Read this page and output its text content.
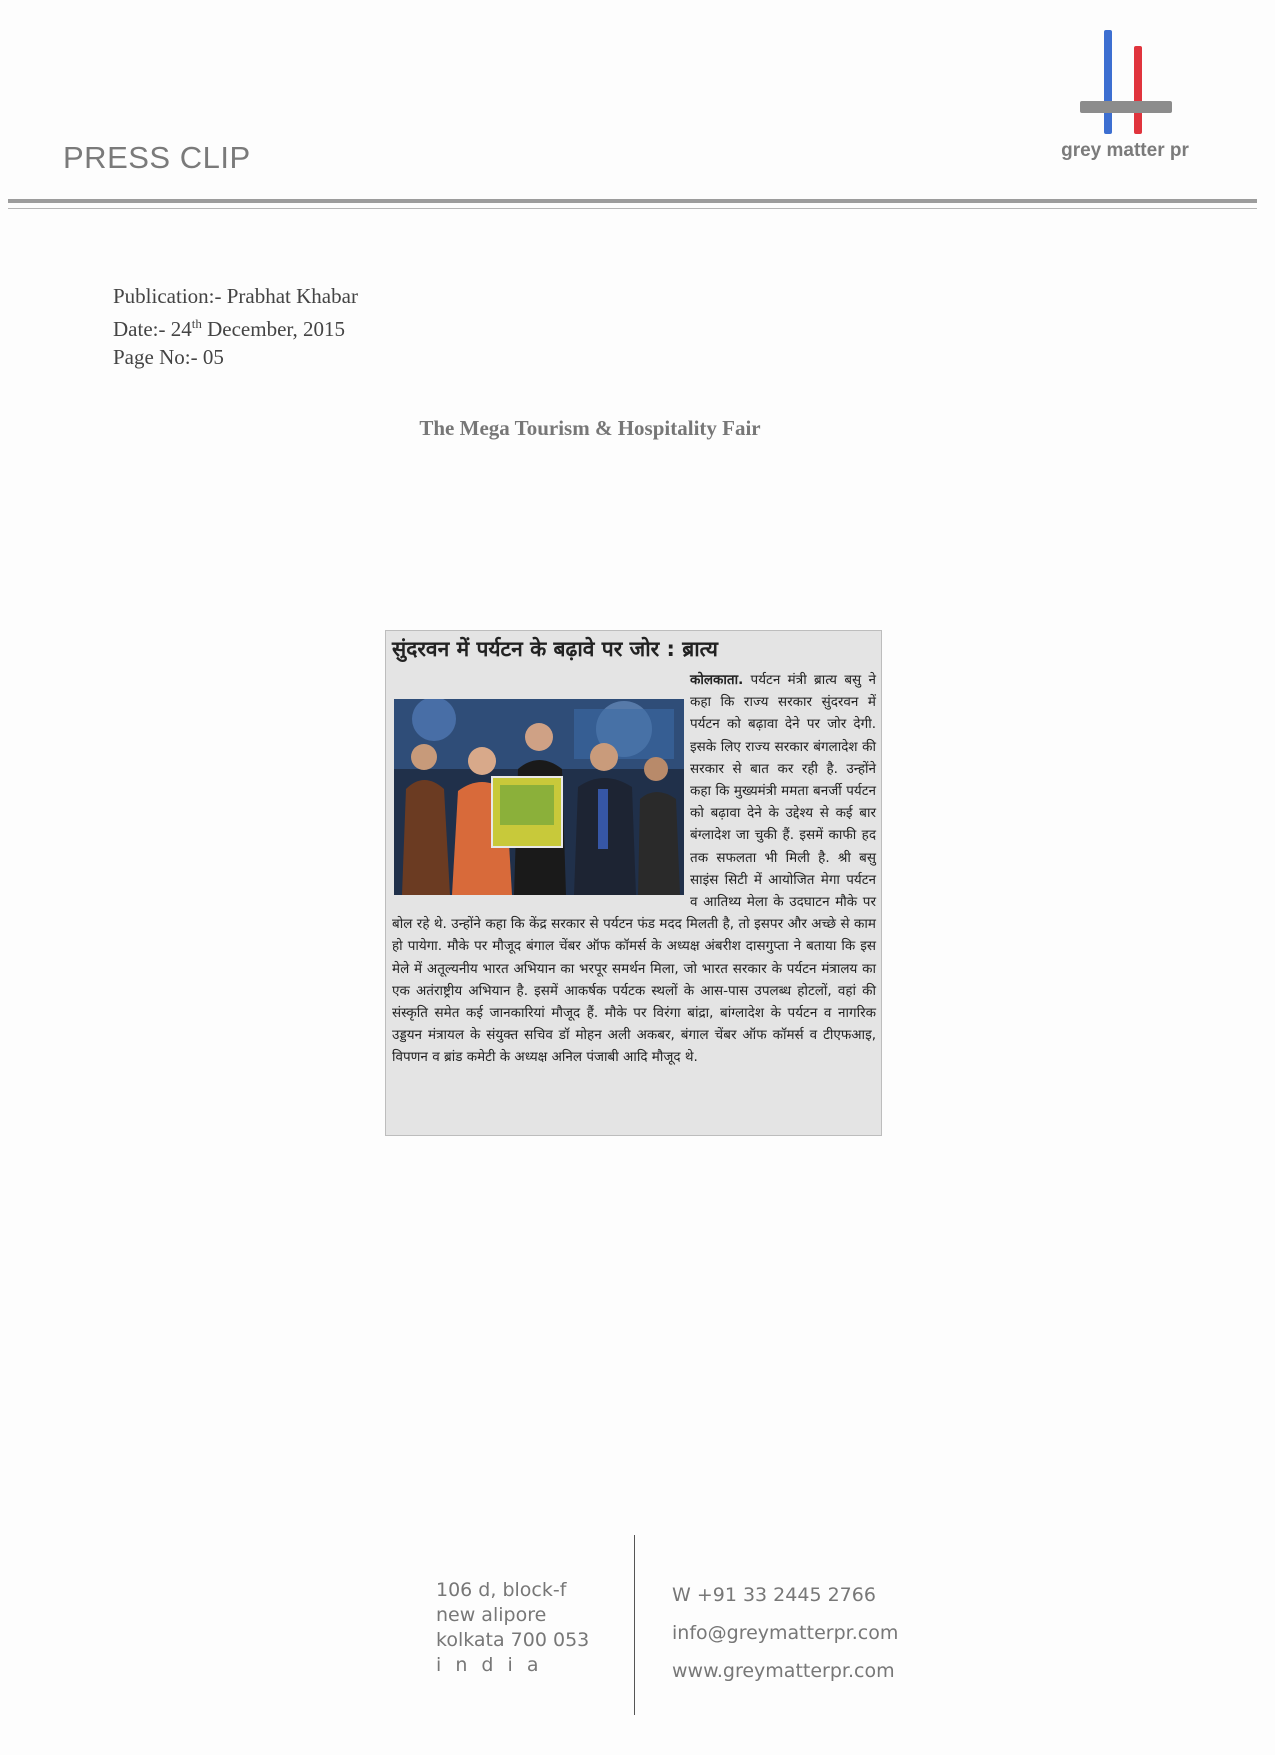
PRESS CLIP	grey matter pr
Publication:- Prabhat Khabar
Date:- 24th December, 2015
Page No:- 05
The Mega Tourism & Hospitality Fair
सुंदरवन में पर्यटन के बढ़ावे पर जोर : ब्रात्य
कोलकाता. पर्यटन मंत्री ब्रात्य बसु ने कहा कि राज्य सरकार सुंदरवन में पर्यटन को बढ़ावा देने पर जोर देगी. इसके लिए राज्य सरकार बंगलादेश की सरकार से बात कर रही है. उन्होंने कहा कि मुख्यमंत्री ममता बनर्जी पर्यटन को बढ़ावा देने के उद्देश्य से कई बार बंग्लादेश जा चुकी हैं. इसमें काफी हद तक सफलता भी मिली है. श्री बसु साइंस सिटी में आयोजित मेगा पर्यटन व आतिथ्य मेला के उदघाटन मौके पर बोल रहे थे. उन्होंने कहा कि केंद्र सरकार से पर्यटन फंड मदद मिलती है, तो इसपर और अच्छे से काम हो पायेगा. मौके पर मौजूद बंगाल चेंबर ऑफ कॉमर्स के अध्यक्ष अंबरीश दासगुप्ता ने बताया कि इस मेले में अतूल्यनीय भारत अभियान का भरपूर समर्थन मिला, जो भारत सरकार के पर्यटन मंत्रालय का एक अतंराष्ट्रीय अभियान है. इसमें आकर्षक पर्यटक स्थलों के आस-पास उपलब्ध होटलों, वहां की संस्कृति समेत कई जानकारियां मौजूद हैं. मौके पर विरंगा बांद्रा, बांग्लादेश के पर्यटन व नागरिक उड्डयन मंत्रायल के संयुक्त सचिव डॉ मोहन अली अकबर, बंगाल चेंबर ऑफ कॉमर्स व टीएफआइ, विपणन व ब्रांड कमेटी के अध्यक्ष अनिल पंजाबी आदि मौजूद थे.
106 d, block-f
new alipore
kolkata 700 053
i n d i a
W +91 33 2445 2766
info@greymatterpr.com
www.greymatterpr.com
